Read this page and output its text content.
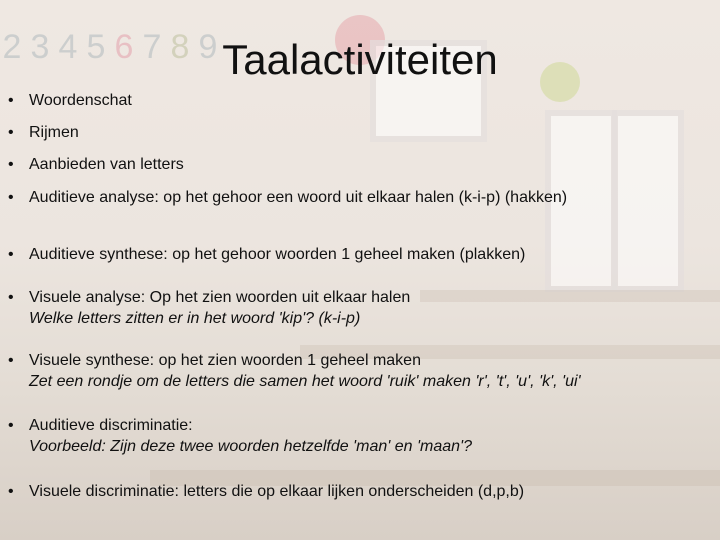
2 3 4 5 6 7 8 9 Taalactiviteiten
• Woordenschat
• Rijmen
• Aanbieden van letters
• Auditieve analyse: op het gehoor een woord uit elkaar halen (k-i-p) (hakken)
• Auditieve synthese: op het gehoor woorden 1 geheel maken (plakken)
• Visuele analyse: Op het zien woorden uit elkaar halen
Welke letters zitten er in het woord 'kip'? (k-i-p)
• Visuele synthese: op het zien woorden 1 geheel maken
Zet een rondje om de letters die samen het woord 'ruik' maken 'r', 't', 'u', 'k', 'ui'
• Auditieve discriminatie:
Voorbeeld: Zijn deze twee woorden hetzelfde 'man' en 'maan'?
• Visuele discriminatie: letters die op elkaar lijken onderscheiden (d,p,b)
